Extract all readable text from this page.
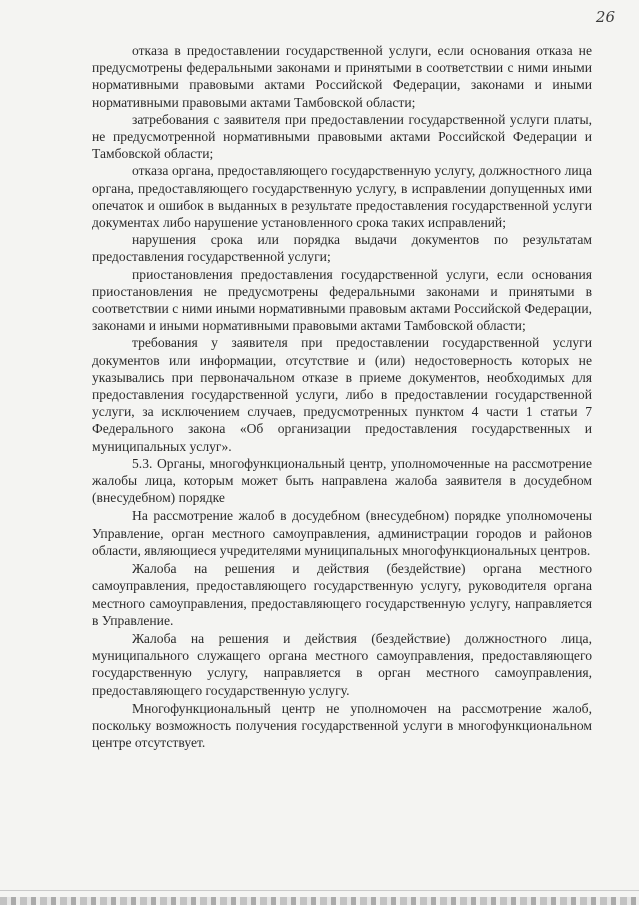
26

отказа в предоставлении государственной услуги, если основания отказа не предусмотрены федеральными законами и принятыми в соответствии с ними иными нормативными правовыми актами Российской Федерации, законами и иными нормативными правовыми актами Тамбовской области;

затребования с заявителя при предоставлении государственной услуги платы, не предусмотренной нормативными правовыми актами Российской Федерации и Тамбовской области;

отказа органа, предоставляющего государственную услугу, должностного лица органа, предоставляющего государственную услугу, в исправлении допущенных ими опечаток и ошибок в выданных в результате предоставления государственной услуги документах либо нарушение установленного срока таких исправлений;

нарушения срока или порядка выдачи документов по результатам предоставления государственной услуги;

приостановления предоставления государственной услуги, если основания приостановления не предусмотрены федеральными законами и принятыми в соответствии с ними иными нормативными правовым актами Российской Федерации, законами и иными нормативными правовыми актами Тамбовской области;

требования у заявителя при предоставлении государственной услуги документов или информации, отсутствие и (или) недостоверность которых не указывались при первоначальном отказе в приеме документов, необходимых для предоставления государственной услуги, либо в предоставлении государственной услуги, за исключением случаев, предусмотренных пунктом 4 части 1 статьи 7 Федерального закона «Об организации предоставления государственных и муниципальных услуг».

5.3. Органы, многофункциональный центр, уполномоченные на рассмотрение жалобы лица, которым может быть направлена жалоба заявителя в досудебном (внесудебном) порядке

На рассмотрение жалоб в досудебном (внесудебном) порядке уполномочены Управление, орган местного самоуправления, администрации городов и районов области, являющиеся учредителями муниципальных многофункциональных центров.

Жалоба на решения и действия (бездействие) органа местного самоуправления, предоставляющего государственную услугу, руководителя органа местного самоуправления, предоставляющего государственную услугу, направляется в Управление.

Жалоба на решения и действия (бездействие) должностного лица, муниципального служащего органа местного самоуправления, предоставляющего государственную услугу, направляется в орган местного самоуправления, предоставляющего государственную услугу.

Многофункциональный центр не уполномочен на рассмотрение жалоб, поскольку возможность получения государственной услуги в многофункциональном центре отсутствует.
